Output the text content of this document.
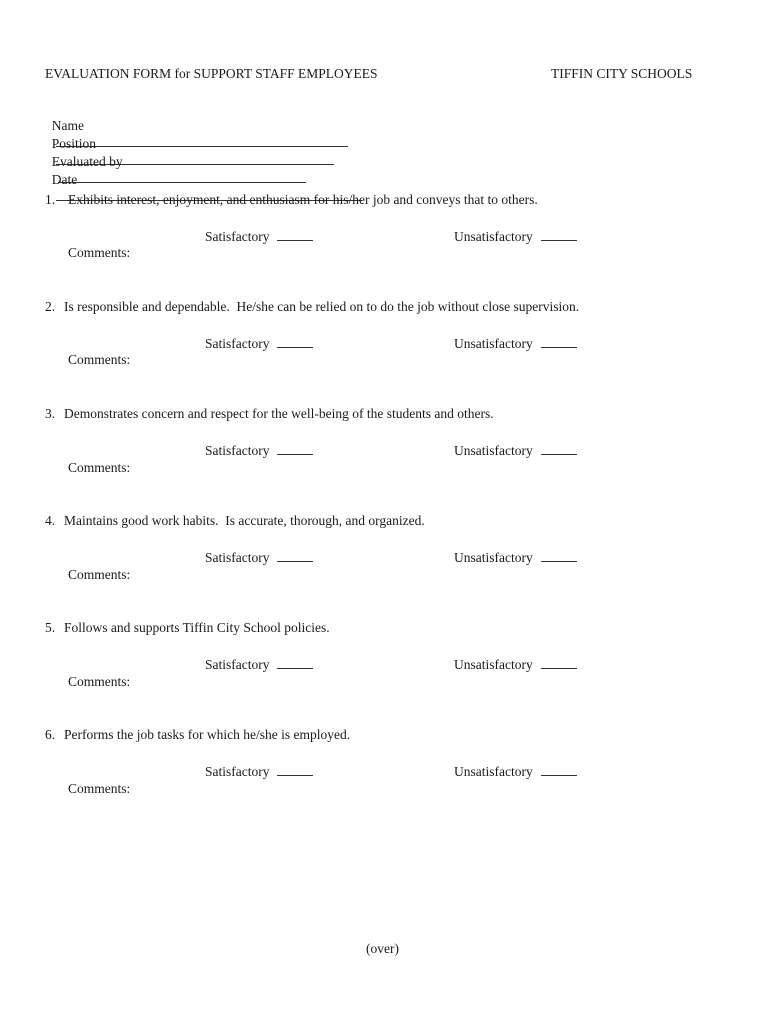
EVALUATION FORM for SUPPORT STAFF EMPLOYEES	TIFFIN CITY SCHOOLS

Name

Position

Evaluated by

Date

1. Exhibits interest, enjoyment, and enthusiasm for his/her job and conveys that to others.
Satisfactory	Unsatisfactory
Comments:
2. Is responsible and dependable.  He/she can be relied on to do the job without close supervision.
Satisfactory	Unsatisfactory
Comments:
3. Demonstrates concern and respect for the well-being of the students and others.
Satisfactory	Unsatisfactory
Comments:
4. Maintains good work habits.  Is accurate, thorough, and organized.
Satisfactory	Unsatisfactory
Comments:
5. Follows and supports Tiffin City School policies.
Satisfactory	Unsatisfactory
Comments:
6. Performs the job tasks for which he/she is employed.
Satisfactory	Unsatisfactory
Comments:
(over)
